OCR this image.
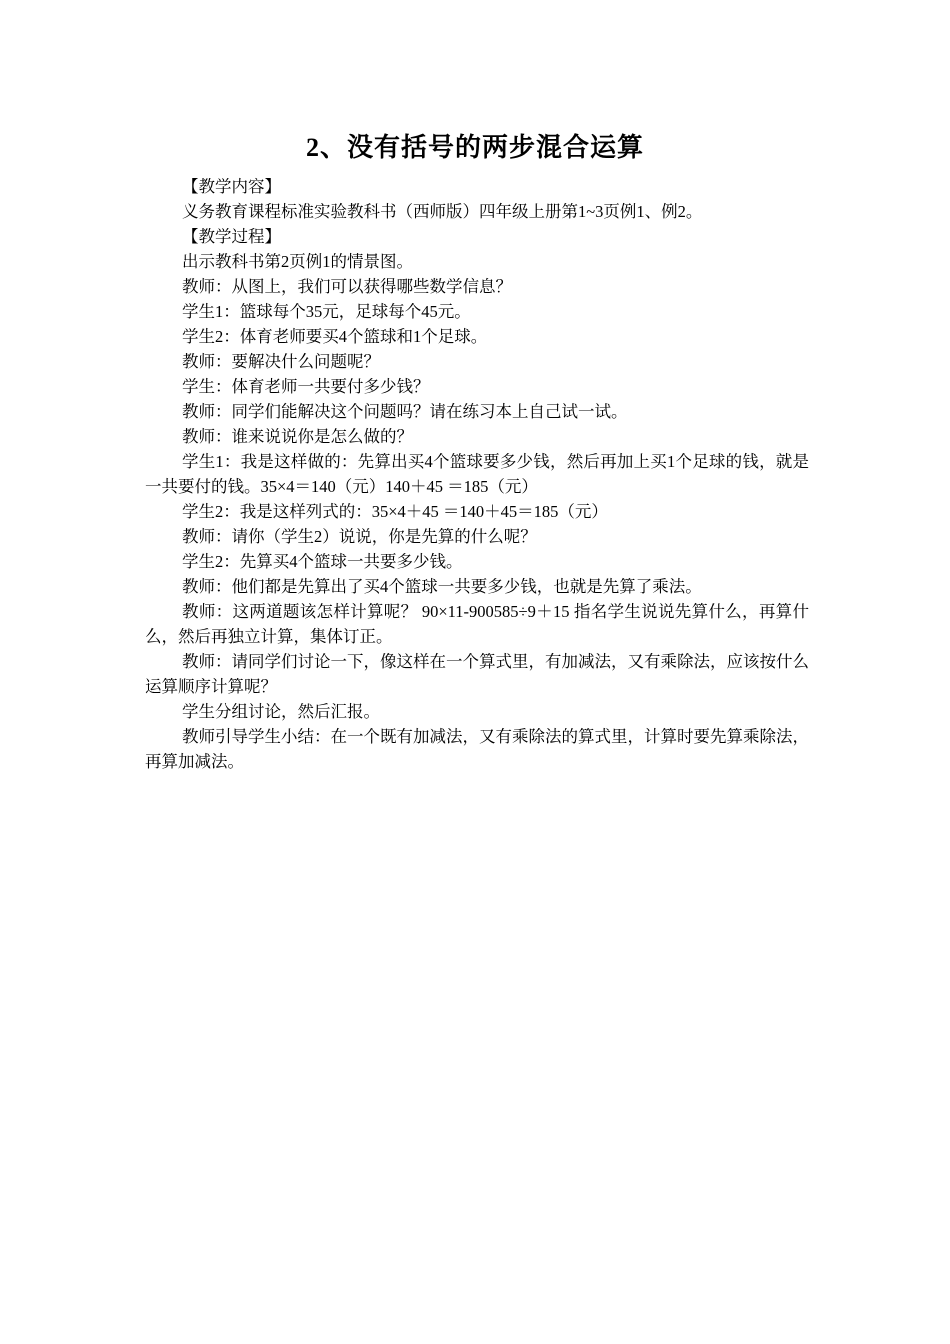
2、没有括号的两步混合运算

【教学内容】

义务教育课程标准实验教科书（西师版）四年级上册第1~3页例1、例2。

【教学过程】

出示教科书第2页例1的情景图。

教师：从图上，我们可以获得哪些数学信息？

学生1：篮球每个35元，足球每个45元。

学生2：体育老师要买4个篮球和1个足球。

教师：要解决什么问题呢？

学生：体育老师一共要付多少钱？

教师：同学们能解决这个问题吗？请在练习本上自己试一试。

教师：谁来说说你是怎么做的？

学生1：我是这样做的：先算出买4个篮球要多少钱，然后再加上买1个足球的钱，就是一共要付的钱。35×4＝140（元）140＋45 ＝185（元）

学生2：我是这样列式的：35×4＋45 ＝140＋45＝185（元）

教师：请你（学生2）说说，你是先算的什么呢？

学生2：先算买4个篮球一共要多少钱。

教师：他们都是先算出了买4个篮球一共要多少钱，也就是先算了乘法。

教师：这两道题该怎样计算呢？ 90×11-900585÷9＋15 指名学生说说先算什么，再算什么，然后再独立计算，集体订正。

教师：请同学们讨论一下，像这样在一个算式里，有加减法，又有乘除法，应该按什么运算顺序计算呢？

学生分组讨论，然后汇报。

教师引导学生小结：在一个既有加减法，又有乘除法的算式里，计算时要先算乘除法，再算加减法。
